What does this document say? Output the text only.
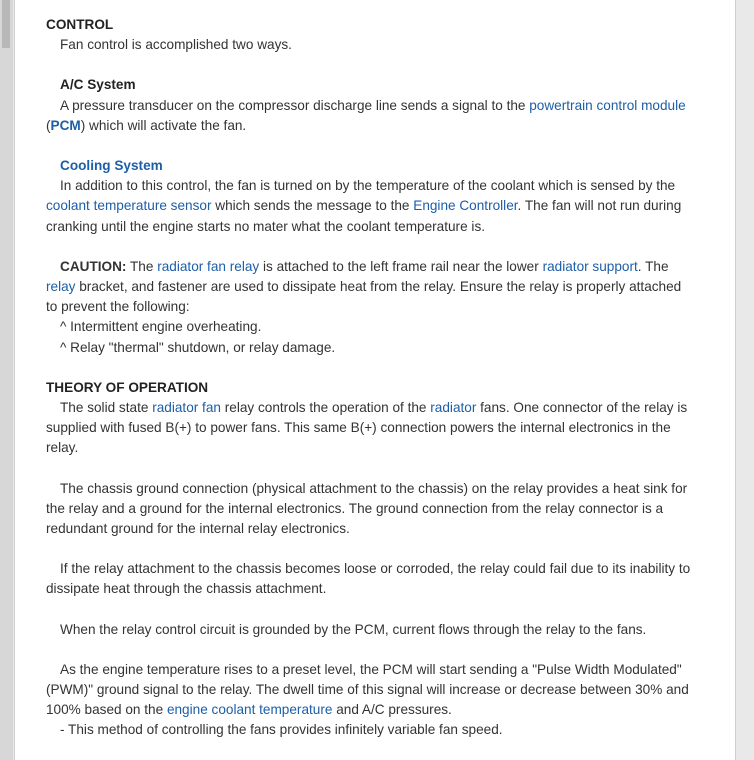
CONTROL

Fan control is accomplished two ways.

A/C System

A pressure transducer on the compressor discharge line sends a signal to the powertrain control module (PCM) which will activate the fan.

Cooling System

In addition to this control, the fan is turned on by the temperature of the coolant which is sensed by the coolant temperature sensor which sends the message to the Engine Controller. The fan will not run during cranking until the engine starts no mater what the coolant temperature is.

CAUTION: The radiator fan relay is attached to the left frame rail near the lower radiator support. The relay bracket, and fastener are used to dissipate heat from the relay. Ensure the relay is properly attached to prevent the following:

^ Intermittent engine overheating.

^ Relay "thermal" shutdown, or relay damage.

THEORY OF OPERATION

The solid state radiator fan relay controls the operation of the radiator fans. One connector of the relay is supplied with fused B(+) to power fans. This same B(+) connection powers the internal electronics in the relay.

The chassis ground connection (physical attachment to the chassis) on the relay provides a heat sink for the relay and a ground for the internal electronics. The ground connection from the relay connector is a redundant ground for the internal relay electronics.

If the relay attachment to the chassis becomes loose or corroded, the relay could fail due to its inability to dissipate heat through the chassis attachment.

When the relay control circuit is grounded by the PCM, current flows through the relay to the fans.

As the engine temperature rises to a preset level, the PCM will start sending a "Pulse Width Modulated" (PWM)" ground signal to the relay. The dwell time of this signal will increase or decrease between 30% and 100% based on the engine coolant temperature and A/C pressures.

- This method of controlling the fans provides infinitely variable fan speed.
